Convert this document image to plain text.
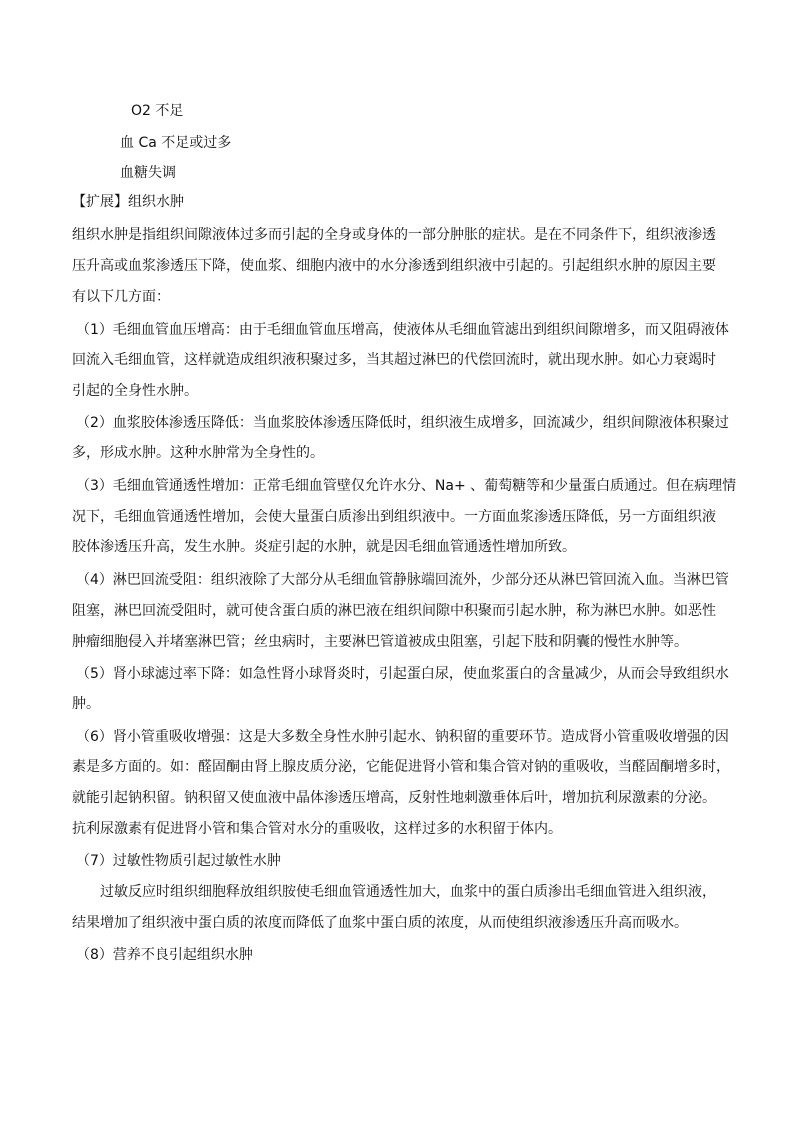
O2 不足
血 Ca 不足或过多
血糖失调
【扩展】组织水肿
组织水肿是指组织间隙液体过多而引起的全身或身体的一部分肿胀的症状。是在不同条件下，组织液渗透
压升高或血浆渗透压下降，使血浆、细胞内液中的水分渗透到组织液中引起的。引起组织水肿的原因主要
有以下几方面：
（1）毛细血管血压增高：由于毛细血管血压增高，使液体从毛细血管滤出到组织间隙增多，而又阻碍液体
回流入毛细血管，这样就造成组织液积聚过多，当其超过淋巴的代偿回流时，就出现水肿。如心力衰竭时
引起的全身性水肿。
（2）血浆胶体渗透压降低：当血浆胶体渗透压降低时，组织液生成增多，回流减少，组织间隙液体积聚过
多，形成水肿。这种水肿常为全身性的。
（3）毛细血管通透性增加：正常毛细血管壁仅允许水分、Na+ 、葡萄糖等和少量蛋白质通过。但在病理情
况下，毛细血管通透性增加，会使大量蛋白质渗出到组织液中。一方面血浆渗透压降低，另一方面组织液
胶体渗透压升高，发生水肿。炎症引起的水肿，就是因毛细血管通透性增加所致。
（4）淋巴回流受阻：组织液除了大部分从毛细血管静脉端回流外，少部分还从淋巴管回流入血。当淋巴管
阻塞，淋巴回流受阻时，就可使含蛋白质的淋巴液在组织间隙中积聚而引起水肿，称为淋巴水肿。如恶性
肿瘤细胞侵入并堵塞淋巴管；丝虫病时，主要淋巴管道被成虫阻塞，引起下肢和阴囊的慢性水肿等。
（5）肾小球滤过率下降：如急性肾小球肾炎时，引起蛋白尿，使血浆蛋白的含量减少，从而会导致组织水
肿。
（6）肾小管重吸收增强：这是大多数全身性水肿引起水、钠积留的重要环节。造成肾小管重吸收增强的因
素是多方面的。如：醛固酮由肾上腺皮质分泌，它能促进肾小管和集合管对钠的重吸收，当醛固酮增多时，
就能引起钠积留。钠积留又使血液中晶体渗透压增高，反射性地刺激垂体后叶，增加抗利尿激素的分泌。
抗利尿激素有促进肾小管和集合管对水分的重吸收，这样过多的水积留于体内。
（7）过敏性物质引起过敏性水肿
过敏反应时组织细胞释放组织胺使毛细血管通透性加大，血浆中的蛋白质渗出毛细血管进入组织液，
结果增加了组织液中蛋白质的浓度而降低了血浆中蛋白质的浓度，从而使组织液渗透压升高而吸水。
（8）营养不良引起组织水肿
